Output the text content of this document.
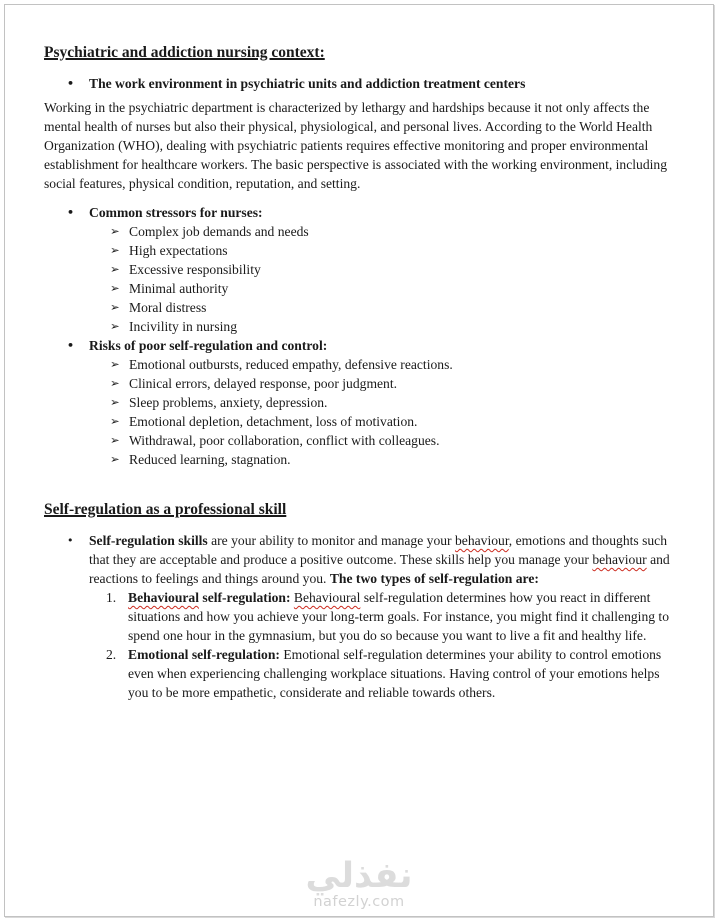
Psychiatric and addiction nursing context:
•	The work environment in psychiatric units and addiction treatment centers

Working in the psychiatric department is characterized by lethargy and hardships because it not only affects the mental health of nurses but also their physical, physiological, and personal lives. According to the World Health Organization (WHO), dealing with psychiatric patients requires effective monitoring and proper environmental establishment for healthcare workers. The basic perspective is associated with the working environment, including social features, physical condition, reputation, and setting.

•	Common stressors for nurses:
➢ Complex job demands and needs
➢ High expectations
➢ Excessive responsibility
➢ Minimal authority
➢ Moral distress
➢ Incivility in nursing
•	Risks of poor self-regulation and control:
➢ Emotional outbursts, reduced empathy, defensive reactions.
➢ Clinical errors, delayed response, poor judgment.
➢ Sleep problems, anxiety, depression.
➢ Emotional depletion, detachment, loss of motivation.
➢ Withdrawal, poor collaboration, conflict with colleagues.
➢ Reduced learning, stagnation.
Self-regulation as a professional skill
•	Self-regulation skills are your ability to monitor and manage your behaviour, emotions and thoughts such that they are acceptable and produce a positive outcome. These skills help you manage your behaviour and reactions to feelings and things around you. The two types of self-regulation are:
1. Behavioural self-regulation: Behavioural self-regulation determines how you react in different situations and how you achieve your long-term goals. For instance, you might find it challenging to spend one hour in the gymnasium, but you do so because you want to live a fit and healthy life.
2. Emotional self-regulation: Emotional self-regulation determines your ability to control emotions even when experiencing challenging workplace situations. Having control of your emotions helps you to be more empathetic, considerate and reliable towards others.
نفذلي
nafezly.com
